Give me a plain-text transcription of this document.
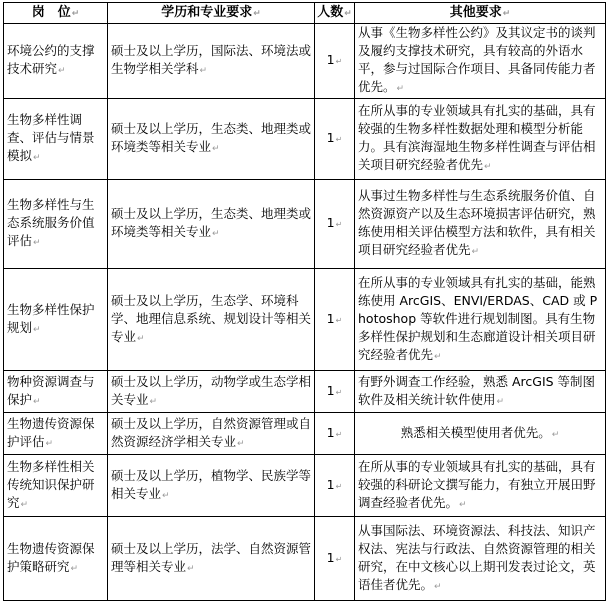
岗　位↵	学历和专业要求↵	人数↵	其他要求↵
环境公约的支撑技术研究↵	硕士及以上学历，国际法、环境法或生物学相关学科↵	1↵	从事《生物多样性公约》及其议定书的谈判及履约支撑技术研究，具有较高的外语水平，参与过国际合作项目、具备同传能力者优先。↵
生物多样性调查、评估与情景模拟↵	硕士及以上学历，生态类、地理类或环境类等相关专业↵	1↵	在所从事的专业领域具有扎实的基础，具有较强的生物多样性数据处理和模型分析能力。具有滨海湿地生物多样性调查与评估相关项目研究经验者优先↵
生物多样性与生态系统服务价值评估↵	硕士及以上学历，生态类、地理类或环境类等相关专业↵	1↵	从事过生物多样性与生态系统服务价值、自然资源资产以及生态环境损害评估研究，熟练使用相关评估模型方法和软件，具有相关项目研究经验者优先↵
生物多样性保护规划↵	硕士及以上学历，生态学、环境科学、地理信息系统、规划设计等相关专业↵	1↵	在所从事的专业领域具有扎实的基础，能熟练使用 ArcGIS、ENVI/ERDAS、CAD 或 Photoshop 等软件进行规划制图。具有生物多样性保护规划和生态廊道设计相关项目研究经验者优先↵
物种资源调查与保护↵	硕士及以上学历，动物学或生态学相关专业↵	1↵	有野外调查工作经验，熟悉 ArcGIS 等制图软件及相关统计软件使用↵
生物遗传资源保护评估↵	硕士及以上学历，自然资源管理或自然资源经济学相关专业↵	1↵	熟悉相关模型使用者优先。↵
生物多样性相关传统知识保护研究↵	硕士及以上学历，植物学、民族学等相关专业↵	1↵	在所从事的专业领域具有扎实的基础，具有较强的科研论文撰写能力，有独立开展田野调查经验者优先。↵
生物遗传资源保护策略研究↵	硕士及以上学历，法学、自然资源管理等相关专业↵	1↵	从事国际法、环境资源法、科技法、知识产权法、宪法与行政法、自然资源管理的相关研究，在中文核心以上期刊发表过论文，英语佳者优先。↵
